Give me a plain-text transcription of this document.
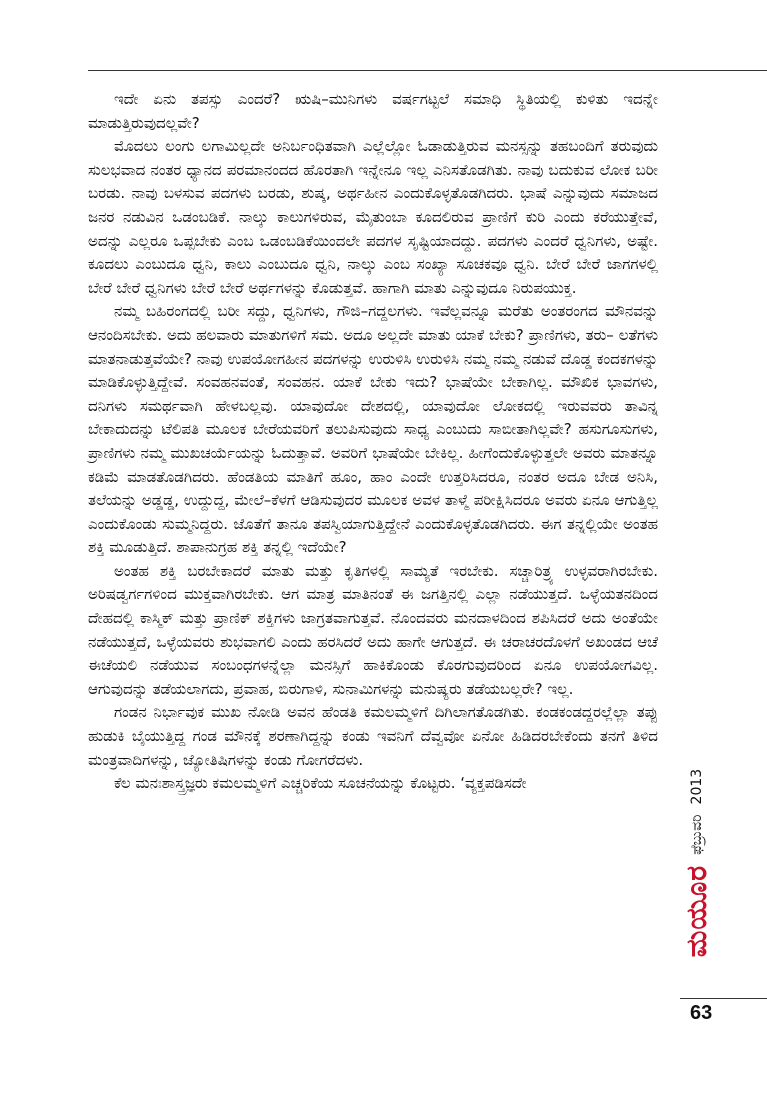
ಇದೇ ಏನು ತಪಸ್ಸು ಎಂದರೆ? ಋಷಿ–ಮುನಿಗಳು ವರ್ಷಗಟ್ಟಲೆ ಸಮಾಧಿ ಸ್ಥಿತಿಯಲ್ಲಿ ಕುಳಿತು ಇದನ್ನೇ ಮಾಡುತ್ತಿರುವುದಲ್ಲವೇ?

ಮೊದಲು ಲಂಗು ಲಗಾಮಿಲ್ಲದೇ ಅನಿರ್ಬಂಧಿತವಾಗಿ ಎಲ್ಲೆಲ್ಲೋ ಓಡಾಡುತ್ತಿರುವ ಮನಸ್ಸನ್ನು ತಹಬಂದಿಗೆ ತರುವುದು ಸುಲಭವಾದ ನಂತರ ಧ್ಯಾನದ ಪರಮಾನಂದದ ಹೊರತಾಗಿ ಇನ್ನೇನೂ ಇಲ್ಲ ಎನಿಸತೊಡಗಿತು. ನಾವು ಬದುಕುವ ಲೋಕ ಬರೀ ಬರಡು. ನಾವು ಬಳಸುವ ಪದಗಳು ಬರಡು, ಶುಷ್ಕ, ಅರ್ಥಹೀನ ಎಂದುಕೊಳ್ಳತೊಡಗಿದರು. ಭಾಷೆ ಎನ್ನುವುದು ಸಮಾಜದ ಜನರ ನಡುವಿನ ಒಡಂಬಡಿಕೆ. ನಾಲ್ಕು ಕಾಲುಗಳಿರುವ, ಮೈತುಂಬಾ ಕೂದಲಿರುವ ಪ್ರಾಣಿಗೆ ಕುರಿ ಎಂದು ಕರೆಯುತ್ತೇವೆ, ಅದನ್ನು ಎಲ್ಲರೂ ಒಪ್ಪಬೇಕು ಎಂಬ ಒಡಂಬಡಿಕೆಯಿಂದಲೇ ಪದಗಳ ಸೃಷ್ಟಿಯಾದದ್ದು. ಪದಗಳು ಎಂದರೆ ಧ್ವನಿಗಳು, ಅಷ್ಟೇ. ಕೂದಲು ಎಂಬುದೂ ಧ್ವನಿ, ಕಾಲು ಎಂಬುದೂ ಧ್ವನಿ, ನಾಲ್ಕು ಎಂಬ ಸಂಖ್ಯಾ ಸೂಚಕವೂ ಧ್ವನಿ. ಬೇರೆ ಬೇರೆ ಜಾಗಗಳಲ್ಲಿ ಬೇರೆ ಬೇರೆ ಧ್ವನಿಗಳು ಬೇರೆ ಬೇರೆ ಅರ್ಥಗಳನ್ನು ಕೊಡುತ್ತವೆ. ಹಾಗಾಗಿ ಮಾತು ಎನ್ನುವುದೂ ನಿರುಪಯುಕ್ತ.

ನಮ್ಮ ಬಹಿರಂಗದಲ್ಲಿ ಬರೀ ಸದ್ದು, ಧ್ವನಿಗಳು, ಗೌಜಿ–ಗದ್ದಲಗಳು. ಇವೆಲ್ಲವನ್ನೂ ಮರೆತು ಅಂತರಂಗದ ಮೌನವನ್ನು ಆನಂದಿಸಬೇಕು. ಅದು ಹಲವಾರು ಮಾತುಗಳಿಗೆ ಸಮ. ಅದೂ ಅಲ್ಲದೇ ಮಾತು ಯಾಕೆ ಬೇಕು? ಪ್ರಾಣಿಗಳು, ತರು– ಲತೆಗಳು ಮಾತನಾಡುತ್ತವೆಯೇ? ನಾವು ಉಪಯೋಗಹೀನ ಪದಗಳನ್ನು ಉರುಳಿಸಿ ಉರುಳಿಸಿ ನಮ್ಮ ನಮ್ಮ ನಡುವೆ ದೊಡ್ಡ ಕಂದಕಗಳನ್ನು ಮಾಡಿಕೊಳ್ಳುತ್ತಿದ್ದೇವೆ. ಸಂವಹನವಂತೆ, ಸಂವಹನ. ಯಾಕೆ ಬೇಕು ಇದು? ಭಾಷೆಯೇ ಬೇಕಾಗಿಲ್ಲ. ಮೌಖಿಕ ಭಾವಗಳು, ದನಿಗಳು ಸಮರ್ಥವಾಗಿ ಹೇಳಬಲ್ಲವು. ಯಾವುದೋ ದೇಶದಲ್ಲಿ, ಯಾವುದೋ ಲೋಕದಲ್ಲಿ ಇರುವವರು ತಾವಿನ್ನ ಬೇಕಾದುದನ್ನು ಟೆಲಿಪತಿ ಮೂಲಕ ಬೇರೆಯವರಿಗೆ ತಲುಪಿಸುವುದು ಸಾಧ್ಯ ಎಂಬುದು ಸಾಬೀತಾಗಿಲ್ಲವೇ? ಹಸುಗೂಸುಗಳು, ಪ್ರಾಣಿಗಳು ನಮ್ಮ ಮುಖಚರ್ಯೆಯನ್ನು ಓದುತ್ತಾವೆ. ಅವರಿಗೆ ಭಾಷೆಯೇ ಬೇಕಿಲ್ಲ. ಹೀಗೆಂದುಕೊಳ್ಳುತ್ತಲೇ ಅವರು ಮಾತನ್ನೂ ಕಡಿಮೆ ಮಾಡತೊಡಗಿದರು. ಹೆಂಡತಿಯ ಮಾತಿಗೆ ಹೂಂ, ಹಾಂ ಎಂದೇ ಉತ್ತರಿಸಿದರೂ, ನಂತರ ಅದೂ ಬೇಡ ಅನಿಸಿ, ತಲೆಯನ್ನು ಅಡ್ಡಡ್ಡ, ಉದ್ದುದ್ದ, ಮೇಲೆ–ಕೆಳಗೆ ಆಡಿಸುವುದರ ಮೂಲಕ ಅವಳ ತಾಳ್ಮೆ ಪರೀಕ್ಷಿಸಿದರೂ ಅವರು ಏನೂ ಆಗುತ್ತಿಲ್ಲ ಎಂದುಕೊಂಡು ಸುಮ್ಮನಿದ್ದರು. ಜೊತೆಗೆ ತಾನೂ ತಪಸ್ವಿಯಾಗುತ್ತಿದ್ದೇನೆ ಎಂದುಕೊಳ್ಳತೊಡಗಿದರು. ಈಗ ತನ್ನಲ್ಲಿಯೇ ಅಂತಹ ಶಕ್ತಿ ಮೂಡುತ್ತಿದೆ. ಶಾಪಾನುಗ್ರಹ ಶಕ್ತಿ ತನ್ನಲ್ಲಿ ಇದೆಯೇ?

ಅಂತಹ ಶಕ್ತಿ ಬರಬೇಕಾದರೆ ಮಾತು ಮತ್ತು ಕೃತಿಗಳಲ್ಲಿ ಸಾಮ್ಯತೆ ಇರಬೇಕು. ಸಚ್ಚಾರಿತ್ರ್ಯ ಉಳ್ಳವರಾಗಿರಬೇಕು. ಅರಿಷಡ್ವರ್ಗಗಳಿಂದ ಮುಕ್ತವಾಗಿರಬೇಕು. ಆಗ ಮಾತ್ರ ಮಾತಿನಂತೆ ಈ ಜಗತ್ತಿನಲ್ಲಿ ಎಲ್ಲಾ ನಡೆಯುತ್ತದೆ. ಒಳ್ಳೆಯತನದಿಂದ ದೇಹದಲ್ಲಿ ಕಾಸ್ಮಿಕ್ ಮತ್ತು ಪ್ರಾಣಿಕ್ ಶಕ್ತಿಗಳು ಜಾಗ್ರತವಾಗುತ್ತವೆ. ನೊಂದವರು ಮನದಾಳದಿಂದ ಶಪಿಸಿದರೆ ಅದು ಅಂತೆಯೇ ನಡೆಯುತ್ತದೆ, ಒಳ್ಳೆಯವರು ಶುಭವಾಗಲಿ ಎಂದು ಹರಸಿದರೆ ಅದು ಹಾಗೇ ಆಗುತ್ತದೆ. ಈ ಚರಾಚರದೊಳಗೆ ಅಖಂಡದ ಆಚೆ ಈಚೆಯಲಿ ನಡೆಯುವ ಸಂಬಂಧಗಳನ್ನೆಲ್ಲಾ ಮನಸ್ಸಿಗೆ ಹಾಕಿಕೊಂಡು ಕೊರಗುವುದರಿಂದ ಏನೂ ಉಪಯೋಗವಿಲ್ಲ. ಆಗುವುದನ್ನು ತಡೆಯಲಾಗದು, ಪ್ರವಾಹ, ಬಿರುಗಾಳಿ, ಸುನಾಮಿಗಳನ್ನು ಮನುಷ್ಯರು ತಡೆಯಬಲ್ಲರೇ? ಇಲ್ಲ.

ಗಂಡನ ನಿರ್ಭಾವುಕ ಮುಖ ನೋಡಿ ಅವನ ಹೆಂಡತಿ ಕಮಲಮ್ಮಳಿಗೆ ದಿಗಿಲಾಗತೊಡಗಿತು. ಕಂಡಕಂಡದ್ದರಲ್ಲೆಲ್ಲಾ ತಪ್ಪು ಹುಡುಕಿ ಬೈಯುತ್ತಿದ್ದ ಗಂಡ ಮೌನಕ್ಕೆ ಶರಣಾಗಿದ್ದನ್ನು ಕಂಡು ಇವನಿಗೆ ದೆವ್ವವೋ ಏನೋ ಹಿಡಿದರಬೇಕೆಂದು ತನಗೆ ತಿಳಿದ ಮಂತ್ರವಾದಿಗಳನ್ನು, ಜ್ಯೋತಿಷಿಗಳನ್ನು ಕಂಡು ಗೋಗರೆದಳು.

ಕೆಲ ಮನಃಶಾಸ್ತ್ರಜ್ಞರು ಕಮಲಮ್ಮಳಿಗೆ ಎಚ್ಚರಿಕೆಯ ಸೂಚನೆಯನ್ನು ಕೊಟ್ಟರು. ‘ವ್ಯಕ್ತಪಡಿಸದೇ

ಮಯೂರ
ಫೆಬ್ರುವರಿ
2013
63
